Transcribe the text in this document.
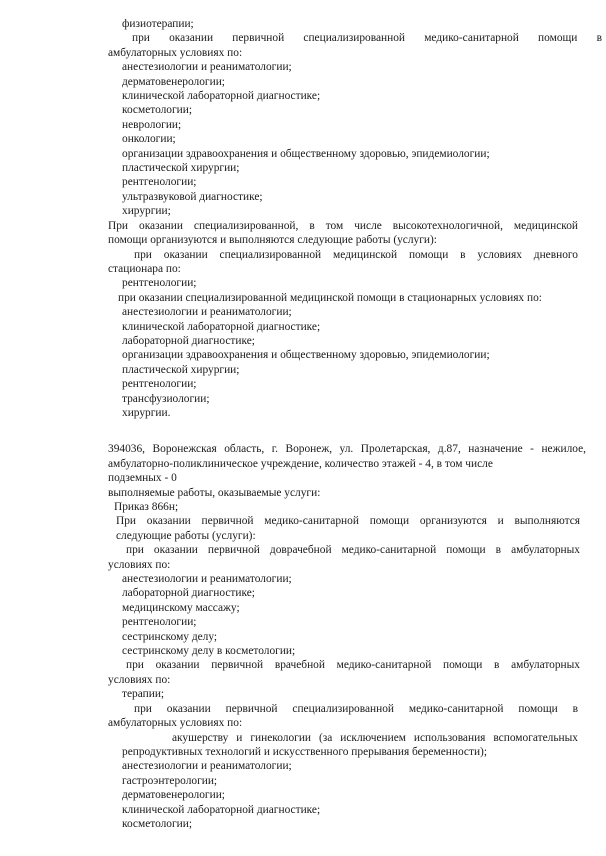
физиотерапии;
при оказании первичной специализированной медико-санитарной помощи в
амбулаторных условиях по:
анестезиологии и реаниматологии;
дерматовенерологии;
клинической лабораторной диагностике;
косметологии;
неврологии;
онкологии;
организации здравоохранения и общественному здоровью, эпидемиологии;
пластической хирургии;
рентгенологии;
ультразвуковой диагностике;
хирургии;
При оказании специализированной, в том числе высокотехнологичной, медицинской
помощи организуются и выполняются следующие работы (услуги):
при оказании специализированной медицинской помощи в условиях дневного
стационара по:
рентгенологии;
при оказании специализированной медицинской помощи в стационарных условиях по:
анестезиологии и реаниматологии;
клинической лабораторной диагностике;
лабораторной диагностике;
организации здравоохранения и общественному здоровью, эпидемиологии;
пластической хирургии;
рентгенологии;
трансфузиологии;
хирургии.
394036, Воронежская область, г. Воронеж, ул. Пролетарская, д.87, назначение - нежилое,
амбулаторно-поликлиническое учреждение, количество этажей - 4, в том числе
подземных - 0
выполняемые работы, оказываемые услуги:
Приказ 866н;
При оказании первичной медико-санитарной помощи организуются и выполняются
следующие работы (услуги):
при оказании первичной доврачебной медико-санитарной помощи в амбулаторных
условиях по:
анестезиологии и реаниматологии;
лабораторной диагностике;
медицинскому массажу;
рентгенологии;
сестринскому делу;
сестринскому делу в косметологии;
при оказании первичной врачебной медико-санитарной помощи в амбулаторных
условиях по:
терапии;
при оказании первичной специализированной медико-санитарной помощи в
амбулаторных условиях по:
акушерству и гинекологии (за исключением использования вспомогательных
репродуктивных технологий и искусственного прерывания беременности);
анестезиологии и реаниматологии;
гастроэнтерологии;
дерматовенерологии;
клинической лабораторной диагностике;
косметологии;
